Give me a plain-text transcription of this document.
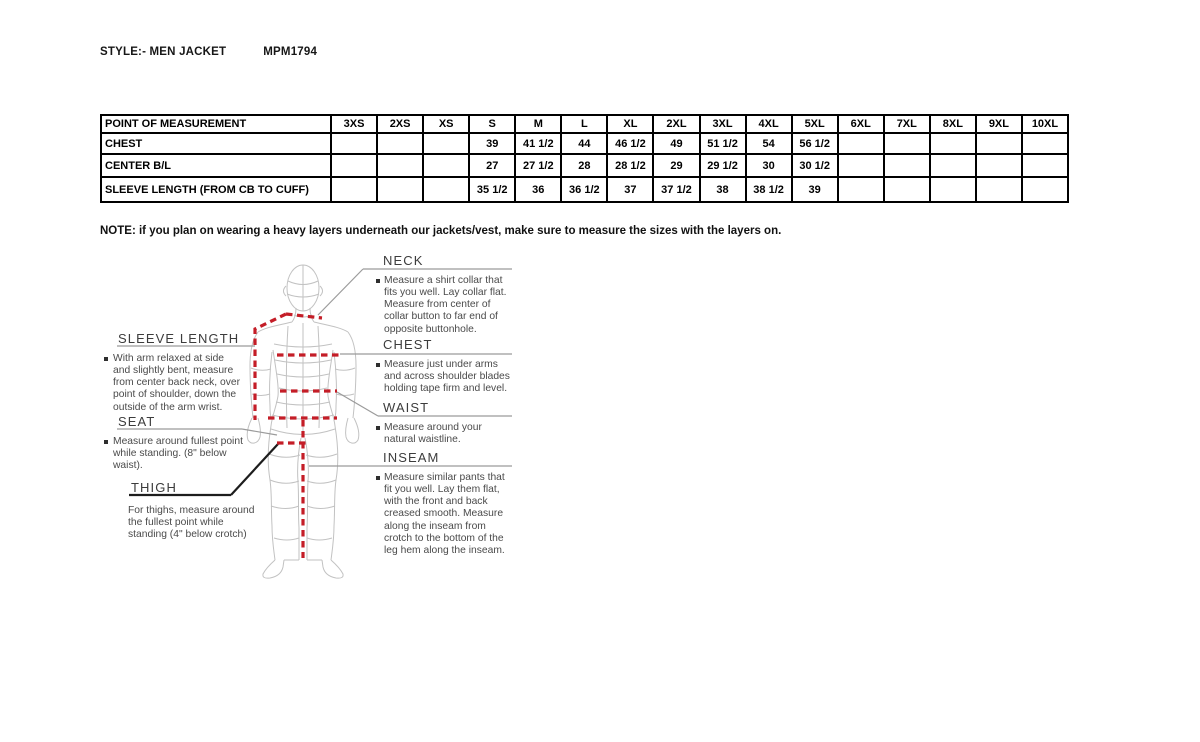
STYLE:- MEN JACKET	MPM1794
POINT OF MEASUREMENT	3XS	2XS	XS	S	M	L	XL	2XL	3XL	4XL	5XL	6XL	7XL	8XL	9XL	10XL
CHEST				39	41 1/2	44	46 1/2	49	51 1/2	54	56 1/2					
CENTER B/L				27	27 1/2	28	28 1/2	29	29 1/2	30	30 1/2					
SLEEVE LENGTH (FROM CB TO CUFF)				35 1/2	36	36 1/2	37	37 1/2	38	38 1/2	39					
NOTE: if you plan on wearing a heavy layers underneath our jackets/vest, make sure to measure the sizes with the layers on.
NECK
Measure a shirt collar that fits you well. Lay collar flat. Measure from center of collar button to far end of opposite buttonhole.
CHEST
Measure just under arms and across shoulder blades holding tape firm and level.
WAIST
Measure around your natural waistline.
INSEAM
Measure similar pants that fit you well. Lay them flat, with the front and back creased smooth. Measure along the inseam from crotch to the bottom of the leg hem along the inseam.
SLEEVE LENGTH
With arm relaxed at side and slightly bent, measure from center back neck, over point of shoulder, down the outside of the arm wrist.
SEAT
Measure around fullest point while standing. (8" below waist).
THIGH
For thighs, measure around the fullest point while standing (4" below crotch)
